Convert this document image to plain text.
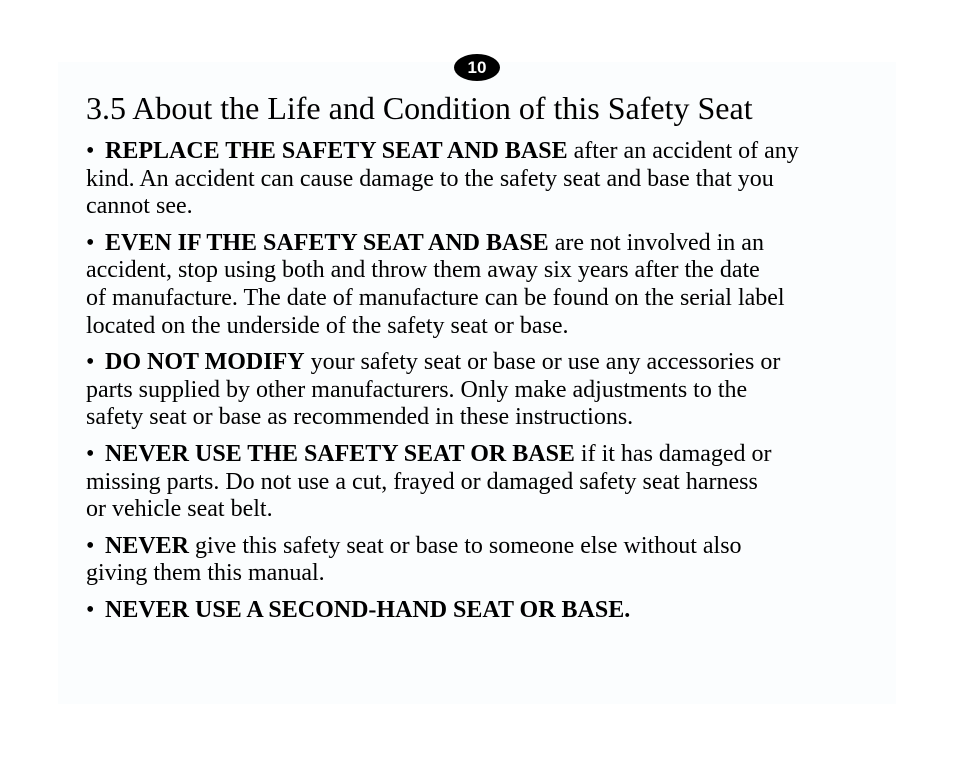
10
3.5 About the Life and Condition of this Safety Seat
• REPLACE THE SAFETY SEAT AND BASE after an accident of any
kind. An accident can cause damage to the safety seat and base that you
cannot see.
• EVEN IF THE SAFETY SEAT AND BASE are not involved in an
accident, stop using both and throw them away six years after the date
of manufacture. The date of manufacture can be found on the serial label
located on the underside of the safety seat or base.
• DO NOT MODIFY your safety seat or base or use any accessories or
parts supplied by other manufacturers. Only make adjustments to the
safety seat or base as recommended in these instructions.
• NEVER USE THE SAFETY SEAT OR BASE if it has damaged or
missing parts. Do not use a cut, frayed or damaged safety seat harness
or vehicle seat belt.
• NEVER give this safety seat or base to someone else without also
giving them this manual.
• NEVER USE A SECOND-HAND SEAT OR BASE.
